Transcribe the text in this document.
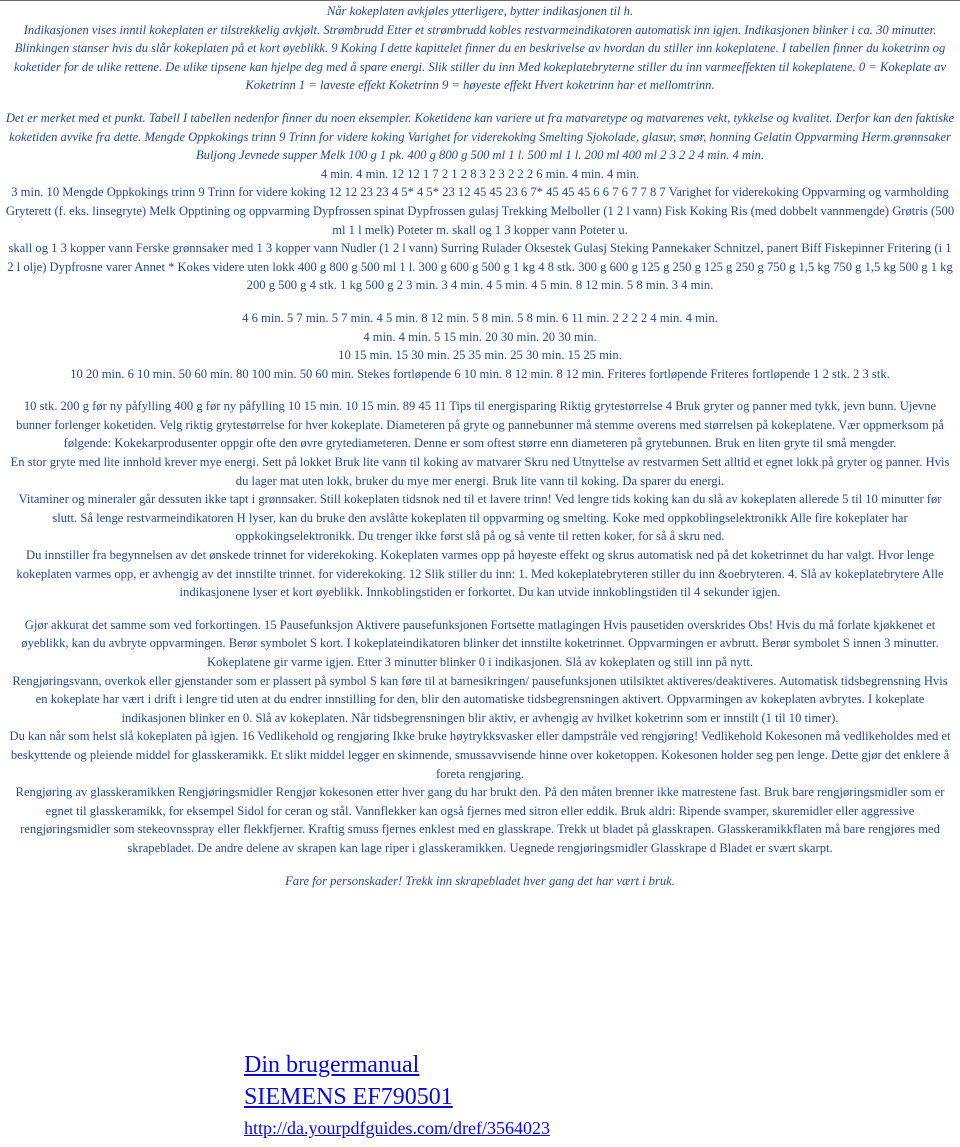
Når kokeplaten avkjøles ytterligere, bytter indikasjonen til h.

Indikasjonen vises inntil kokeplaten er tilstrekkelig avkjølt. Strømbrudd Etter et strømbrudd kobles restvarmeindikatoren automatisk inn igjen. Indikasjonen blinker i ca. 30 minutter. Blinkingen stanser hvis du slår kokeplaten på et kort øyeblikk. 9 Koking I dette kapittelet finner du en beskrivelse av hvordan du stiller inn kokeplatene. I tabellen finner du koketrinn og koketider for de ulike rettene. De ulike tipsene kan hjelpe deg med å spare energi. Slik stiller du inn Med kokeplatebryterne stiller du inn varmeeffekten til kokeplatene. 0 = Kokeplate av Koketrinn 1 = laveste effekt Koketrinn 9 = høyeste effekt Hvert koketrinn har et mellomtrinn.

Det er merket med et punkt. Tabell I tabellen nedenfor finner du noen eksempler. Koketidene kan variere ut fra matvaretype og matvarenes vekt, tykkelse og kvalitet. Derfor kan den faktiske koketiden avvike fra dette. Mengde Oppkokings trinn 9 Trinn for videre koking Varighet for viderekoking Smelting Sjokolade, glasur, smør, honning Gelatin Oppvarming Herm.grønnsaker Buljong Jevnede supper Melk 100 g 1 pk. 400 g 800 g 500 ml 1 l. 500 ml 1 l. 200 ml 400 ml 2 3 2 2 4 min. 4 min.

4 min. 4 min. 12 12 1 7 2 1 2 8 3 2 3 2 2 2 6 min. 4 min. 4 min.

3 min. 10 Mengde Oppkokings trinn 9 Trinn for videre koking 12 12 23 23 4 5* 4 5* 23 12 45 45 23 6 7* 45 45 45 6 6 7 6 7 7 8 7 Varighet for viderekoking Oppvarming og varmholding Gryterett (f. eks. linsegryte) Melk Opptining og oppvarming Dypfrossen spinat Dypfrossen gulasj Trekking Melboller (1 2 l vann) Fisk Koking Ris (med dobbelt vannmengde) Grøtris (500 ml 1 l melk) Poteter m. skall og 1 3 kopper vann Poteter u.

skall og 1 3 kopper vann Ferske grønnsaker med 1 3 kopper vann Nudler (1 2 l vann) Surring Rulader Oksestek Gulasj Steking Pannekaker Schnitzel, panert Biff Fiskepinner Fritering (i 1 2 l olje) Dypfrosne varer Annet * Kokes videre uten lokk 400 g 800 g 500 ml 1 l. 300 g 600 g 500 g 1 kg 4 8 stk. 300 g 600 g 125 g 250 g 125 g 250 g 750 g 1,5 kg 750 g 1,5 kg 500 g 1 kg 200 g 500 g 4 stk. 1 kg 500 g 2 3 min. 3 4 min. 4 5 min. 4 5 min. 8 12 min. 5 8 min. 3 4 min.

4 6 min. 5 7 min. 5 7 min. 4 5 min. 8 12 min. 5 8 min. 5 8 min. 6 11 min. 2 2 2 2 4 min. 4 min.

4 min. 4 min. 5 15 min. 20 30 min. 20 30 min.

10 15 min. 15 30 min. 25 35 min. 25 30 min. 15 25 min.

10 20 min. 6 10 min. 50 60 min. 80 100 min. 50 60 min. Stekes fortløpende 6 10 min. 8 12 min. 8 12 min. Friteres fortløpende Friteres fortløpende 1 2 stk. 2 3 stk.

10 stk. 200 g før ny påfylling 400 g før ny påfylling 10 15 min. 10 15 min. 89 45 11 Tips til energisparing Riktig grytestørrelse 4 Bruk gryter og panner med tykk, jevn bunn. Ujevne bunner forlenger koketiden. Velg riktig grytestørrelse for hver kokeplate. Diameteren på gryte og pannebunner må stemme overens med størrelsen på kokeplatene. Vær oppmerksom på følgende: Kokekarprodusenter oppgir ofte den øvre grytediameteren. Denne er som oftest større enn diameteren på grytebunnen. Bruk en liten gryte til små mengder.

En stor gryte med lite innhold krever mye energi. Sett på lokket Bruk lite vann til koking av matvarer Skru ned Utnyttelse av restvarmen Sett alltid et egnet lokk på gryter og panner. Hvis du lager mat uten lokk, bruker du mye mer energi. Bruk lite vann til koking. Da sparer du energi.

Vitaminer og mineraler går dessuten ikke tapt i grønnsaker. Still kokeplaten tidsnok ned til et lavere trinn! Ved lengre tids koking kan du slå av kokeplaten allerede 5 til 10 minutter før slutt. Så lenge restvarmeindikatoren H lyser, kan du bruke den avslåtte kokeplaten til oppvarming og smelting. Koke med oppkoblingselektronikk Alle fire kokeplater har oppkokingselektronikk. Du trenger ikke først slå på og så vente til retten koker, for så å skru ned.

Du innstiller fra begynnelsen av det ønskede trinnet for viderekoking. Kokeplaten varmes opp på høyeste effekt og skrus automatisk ned på det koketrinnet du har valgt. Hvor lenge kokeplaten varmes opp, er avhengig av det innstilte trinnet. for viderekoking. 12 Slik stiller du inn: 1. Med kokeplatebryteren stiller du inn &oebryteren. 4. Slå av kokeplatebrytere Alle indikasjonene lyser et kort øyeblikk. Innkoblingstiden er forkortet. Du kan utvide innkoblingstiden til 4 sekunder igjen.

Gjør akkurat det samme som ved forkortingen. 15 Pausefunksjon Aktivere pausefunksjonen Fortsette matlagingen Hvis pausetiden overskrides Obs! Hvis du må forlate kjøkkenet et øyeblikk, kan du avbryte oppvarmingen. Berør symbolet S kort. I kokeplateindikatoren blinker det innstilte koketrinnet. Oppvarmingen er avbrutt. Berør symbolet S innen 3 minutter. Kokeplatene gir varme igjen. Etter 3 minutter blinker 0 i indikasjonen. Slå av kokeplaten og still inn på nytt.

Rengjøringsvann, overkok eller gjenstander som er plassert på symbol S kan føre til at barnesikringen/ pausefunksjonen utilsiktet aktiveres/deaktiveres. Automatisk tidsbegrensning Hvis en kokeplate har vært i drift i lengre tid uten at du endrer innstilling for den, blir den automatiske tidsbegrensningen aktivert. Oppvarmingen av kokeplaten avbrytes. I kokeplate indikasjonen blinker en 0. Slå av kokeplaten. Når tidsbegrensningen blir aktiv, er avhengig av hvilket koketrinn som er innstilt (1 til 10 timer).

Du kan når som helst slå kokeplaten på igjen. 16 Vedlikehold og rengjøring Ikke bruke høytrykksvasker eller dampstråle ved rengjøring! Vedlikehold Kokesonen må vedlikeholdes med et beskyttende og pleiende middel for glasskeramikk. Et slikt middel legger en skinnende, smussavvisende hinne over koketoppen. Kokesonen holder seg pen lenge. Dette gjør det enklere å foreta rengjøring.

Rengjøring av glasskeramikken Rengjøringsmidler Rengjør kokesonen etter hver gang du har brukt den. På den måten brenner ikke matrestene fast. Bruk bare rengjøringsmidler som er egnet til glasskeramikk, for eksempel Sidol for ceran og stål. Vannflekker kan også fjernes med sitron eller eddik. Bruk aldri: Ripende svamper, skuremidler eller aggressive rengjøringsmidler som stekeovnsspray eller flekkfjerner. Kraftig smuss fjernes enklest med en glasskrape. Trekk ut bladet på glasskrapen. Glasskeramikkflaten må bare rengjøres med skrapebladet. De andre delene av skrapen kan lage riper i glasskeramikken. Uegnede rengjøringsmidler Glasskrape d Bladet er svært skarpt.

Fare for personskader! Trekk inn skrapebladet hver gang det har vært i bruk.

Din brugermanual
SIEMENS EF790501
http://da.yourpdfguides.com/dref/3564023
